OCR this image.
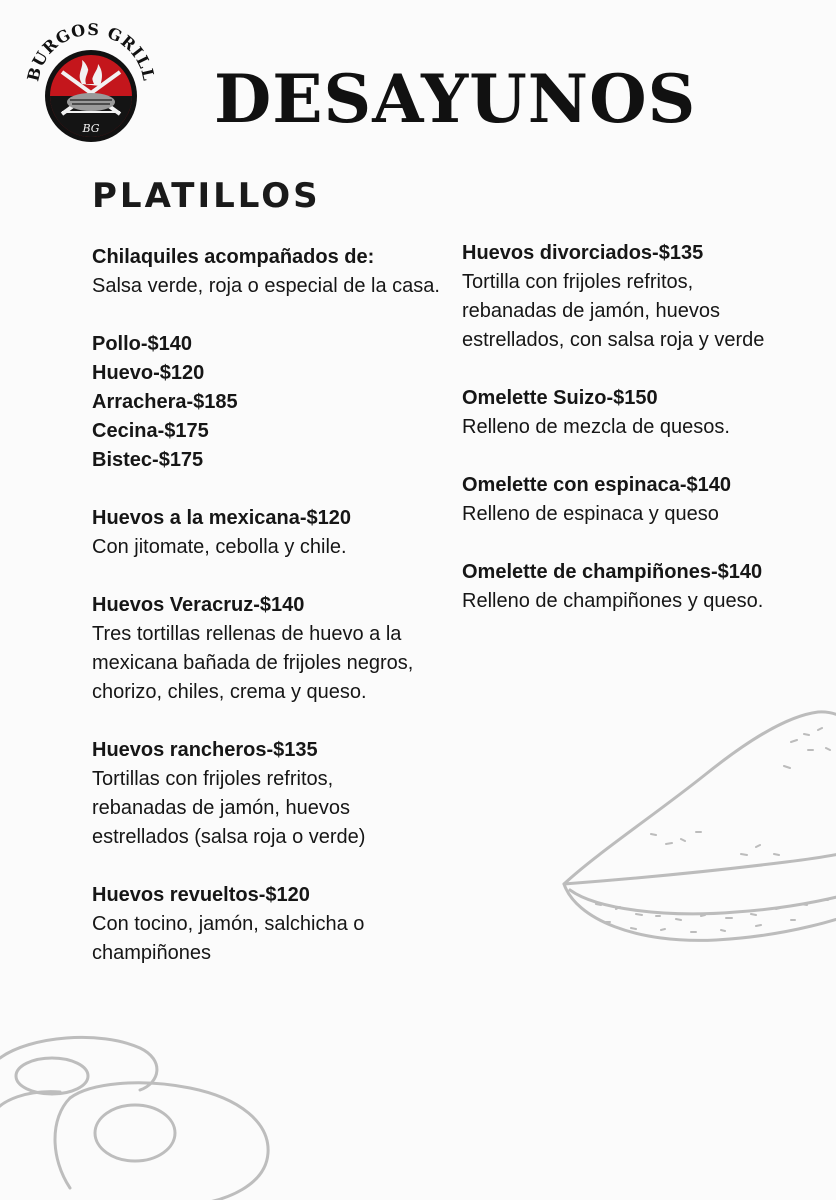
BURGOS GRILL
BG DESAYUNOS
PLATILLOS
Chilaquiles acompañados de:
Salsa verde, roja o especial de la casa.
Pollo-$140
Huevo-$120
Arrachera-$185
Cecina-$175
Bistec-$175
Huevos a la mexicana-$120
Con jitomate, cebolla y chile.
Huevos Veracruz-$140
Tres tortillas rellenas de huevo a la mexicana bañada de frijoles negros, chorizo, chiles, crema y queso.
Huevos rancheros-$135
Tortillas con frijoles refritos, rebanadas de jamón, huevos estrellados (salsa roja o verde)
Huevos revueltos-$120
Con tocino, jamón, salchicha o champiñones
Huevos divorciados-$135
Tortilla con frijoles refritos, rebanadas de jamón, huevos estrellados, con salsa roja y verde
Omelette Suizo-$150
Relleno de mezcla de quesos.
Omelette con espinaca-$140
Relleno de espinaca y queso
Omelette de champiñones-$140
Relleno de champiñones y queso.
